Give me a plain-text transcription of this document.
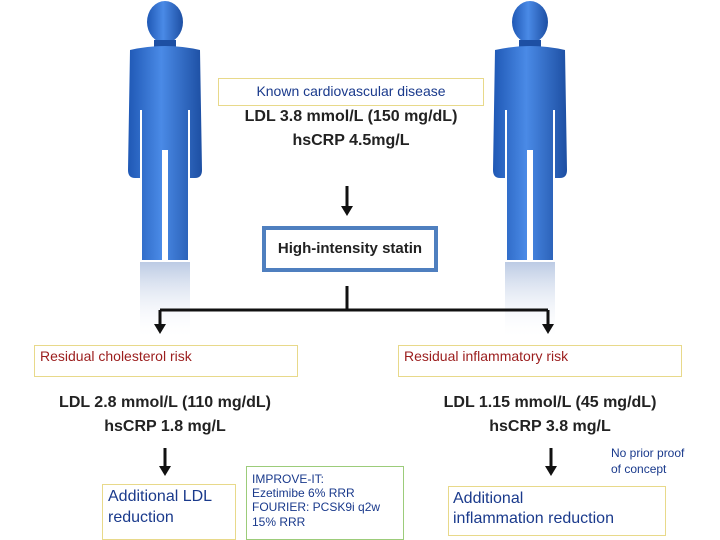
Known cardiovascular disease
LDL 3.8 mmol/L (150 mg/dL)
hsCRP 4.5mg/L
High-intensity statin
Residual cholesterol risk	Residual inflammatory risk
LDL 2.8 mmol/L (110 mg/dL)
hsCRP 1.8 mg/L
LDL 1.15 mmol/L (45 mg/dL)
hsCRP 3.8 mg/L
Additional LDL
reduction
IMPROVE-IT:
Ezetimibe 6% RRR
FOURIER: PCSK9i q2w
15% RRR
Additional
inflammation reduction
No prior proof
of concept
